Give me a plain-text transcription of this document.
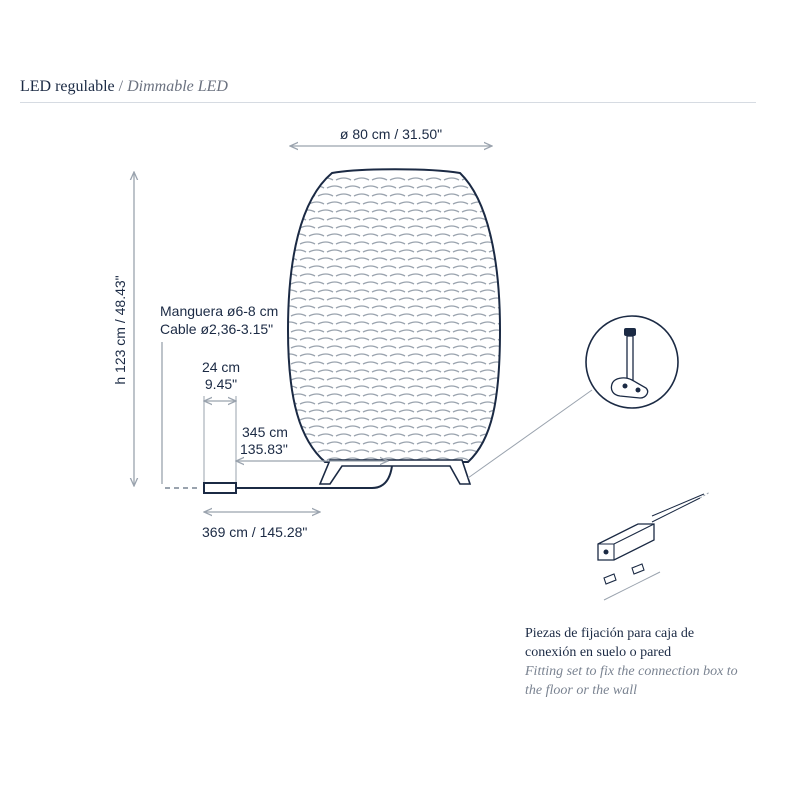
LED regulable / Dimmable LED
ø 80 cm / 31.50"
h 123 cm / 48.43" Manguera ø6-8 cm
Cable ø2,36-3.15"
24 cm
9.45"
345 cm
135.83"
369 cm / 145.28"
Piezas de fijación para caja de
conexión en suelo o pared
Fitting set to fix the connection box to
the floor or the wall
